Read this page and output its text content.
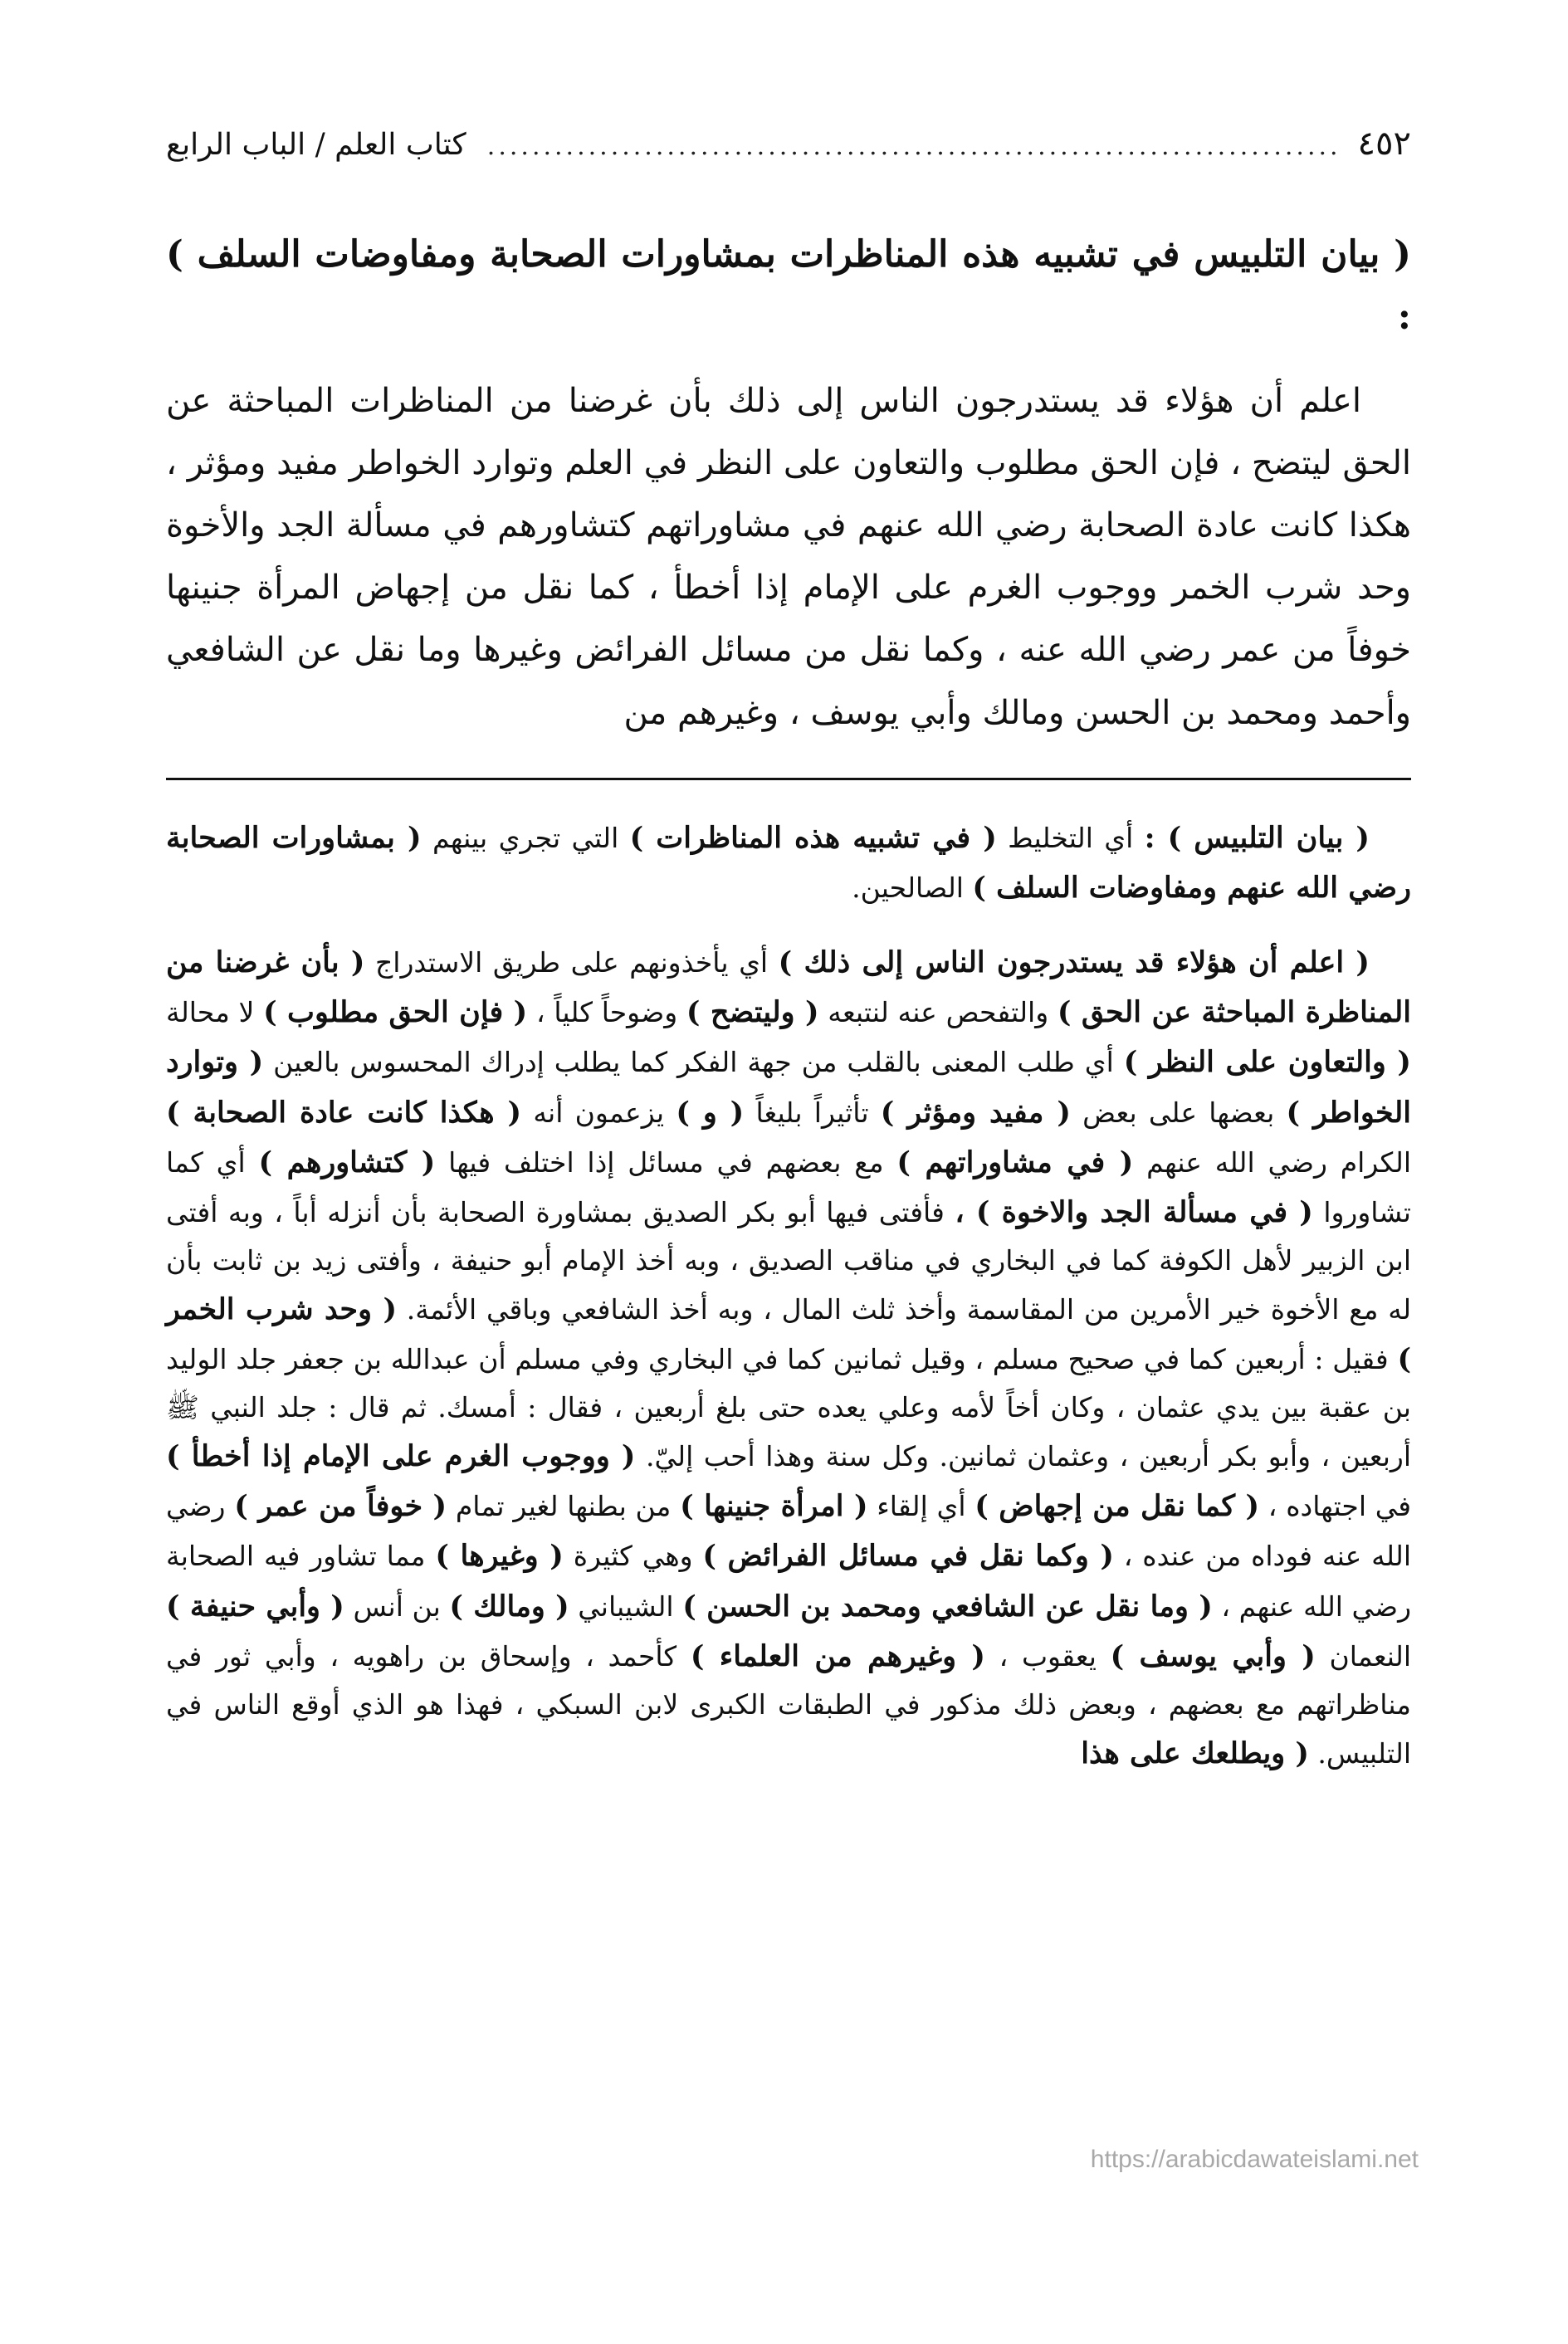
٤٥٢
.....
كتاب العلم / الباب الرابع
( بيان التلبيس في تشبيه هذه المناظرات بمشاورات الصحابة ومفاوضات السلف ) :

اعلم أن هؤلاء قد يستدرجون الناس إلى ذلك بأن غرضنا من المناظرات المباحثة عن الحق ليتضح ، فإن الحق مطلوب والتعاون على النظر في العلم وتوارد الخواطر مفيد ومؤثر ، هكذا كانت عادة الصحابة رضي الله عنهم في مشاوراتهم كتشاورهم في مسألة الجد والأخوة وحد شرب الخمر ووجوب الغرم على الإمام إذا أخطأ ، كما نقل من إجهاض المرأة جنينها خوفاً من عمر رضي الله عنه ، وكما نقل من مسائل الفرائض وغيرها وما نقل عن الشافعي وأحمد ومحمد بن الحسن ومالك وأبي يوسف ، وغيرهم من

( بيان التلبيس ) : أي التخليط ( في تشبيه هذه المناظرات ) التي تجري بينهم ( بمشاورات الصحابة رضي الله عنهم ومفاوضات السلف ) الصالحين.

( اعلم أن هؤلاء قد يستدرجون الناس إلى ذلك ) أي يأخذونهم على طريق الاستدراج ( بأن غرضنا من المناظرة المباحثة عن الحق ) والتفحص عنه لنتبعه ( وليتضح ) وضوحاً كلياً ، ( فإن الحق مطلوب ) لا محالة ( والتعاون على النظر ) أي طلب المعنى بالقلب من جهة الفكر كما يطلب إدراك المحسوس بالعين ( وتوارد الخواطر ) بعضها على بعض ( مفيد ومؤثر ) تأثيراً بليغاً ( و ) يزعمون أنه ( هكذا كانت عادة الصحابة ) الكرام رضي الله عنهم ( في مشاوراتهم ) مع بعضهم في مسائل إذا اختلف فيها ( كتشاورهم ) أي كما تشاوروا ( في مسألة الجد والاخوة ) ، فأفتى فيها أبو بكر الصديق بمشاورة الصحابة بأن أنزله أباً ، وبه أفتى ابن الزبير لأهل الكوفة كما في البخاري في مناقب الصديق ، وبه أخذ الإمام أبو حنيفة ، وأفتى زيد بن ثابت بأن له مع الأخوة خير الأمرين من المقاسمة وأخذ ثلث المال ، وبه أخذ الشافعي وباقي الأئمة. ( وحد شرب الخمر ) فقيل : أربعين كما في صحيح مسلم ، وقيل ثمانين كما في البخاري وفي مسلم أن عبدالله بن جعفر جلد الوليد بن عقبة بين يدي عثمان ، وكان أخاً لأمه وعلي يعده حتى بلغ أربعين ، فقال : أمسك. ثم قال : جلد النبي ﷺ أربعين ، وأبو بكر أربعين ، وعثمان ثمانين. وكل سنة وهذا أحب إليّ. ( ووجوب الغرم على الإمام إذا أخطأ ) في اجتهاده ، ( كما نقل من إجهاض ) أي إلقاء ( امرأة جنينها ) من بطنها لغير تمام ( خوفاً من عمر ) رضي الله عنه فوداه من عنده ، ( وكما نقل في مسائل الفرائض ) وهي كثيرة ( وغيرها ) مما تشاور فيه الصحابة رضي الله عنهم ، ( وما نقل عن الشافعي ومحمد بن الحسن ) الشيباني ( ومالك ) بن أنس ( وأبي حنيفة ) النعمان ( وأبي يوسف ) يعقوب ، ( وغيرهم من العلماء ) كأحمد ، وإسحاق بن راهويه ، وأبي ثور في مناظراتهم مع بعضهم ، وبعض ذلك مذكور في الطبقات الكبرى لابن السبكي ، فهذا هو الذي أوقع الناس في التلبيس. ( ويطلعك على هذا

https://arabicdawateislami.net
